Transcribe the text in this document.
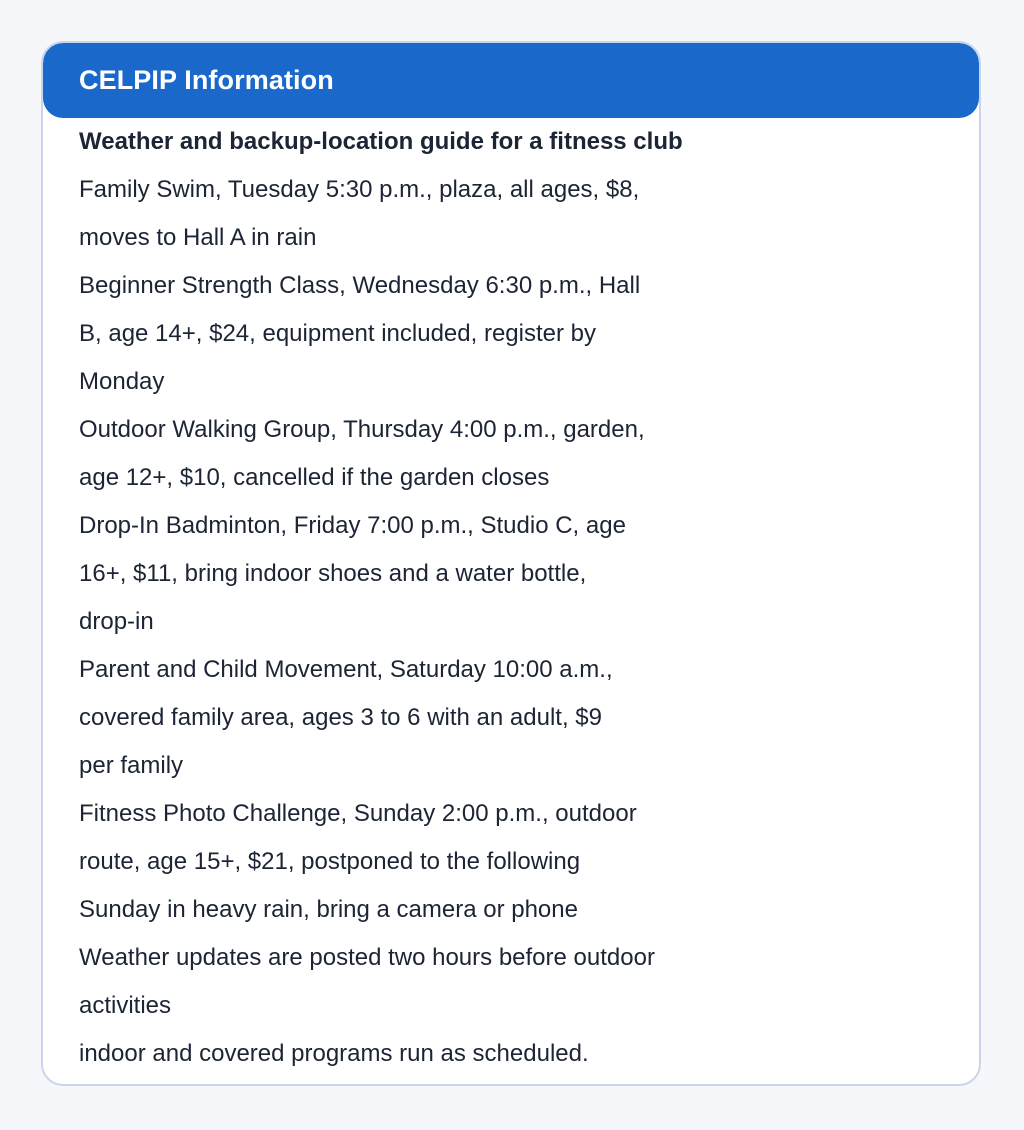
CELPIP Information

Weather and backup-location guide for a fitness club

Family Swim, Tuesday 5:30 p.m., plaza, all ages, $8,

moves to Hall A in rain

Beginner Strength Class, Wednesday 6:30 p.m., Hall

B, age 14+, $24, equipment included, register by

Monday

Outdoor Walking Group, Thursday 4:00 p.m., garden,

age 12+, $10, cancelled if the garden closes

Drop-In Badminton, Friday 7:00 p.m., Studio C, age

16+, $11, bring indoor shoes and a water bottle,

drop-in

Parent and Child Movement, Saturday 10:00 a.m.,

covered family area, ages 3 to 6 with an adult, $9

per family

Fitness Photo Challenge, Sunday 2:00 p.m., outdoor

route, age 15+, $21, postponed to the following

Sunday in heavy rain, bring a camera or phone

Weather updates are posted two hours before outdoor

activities

indoor and covered programs run as scheduled.
